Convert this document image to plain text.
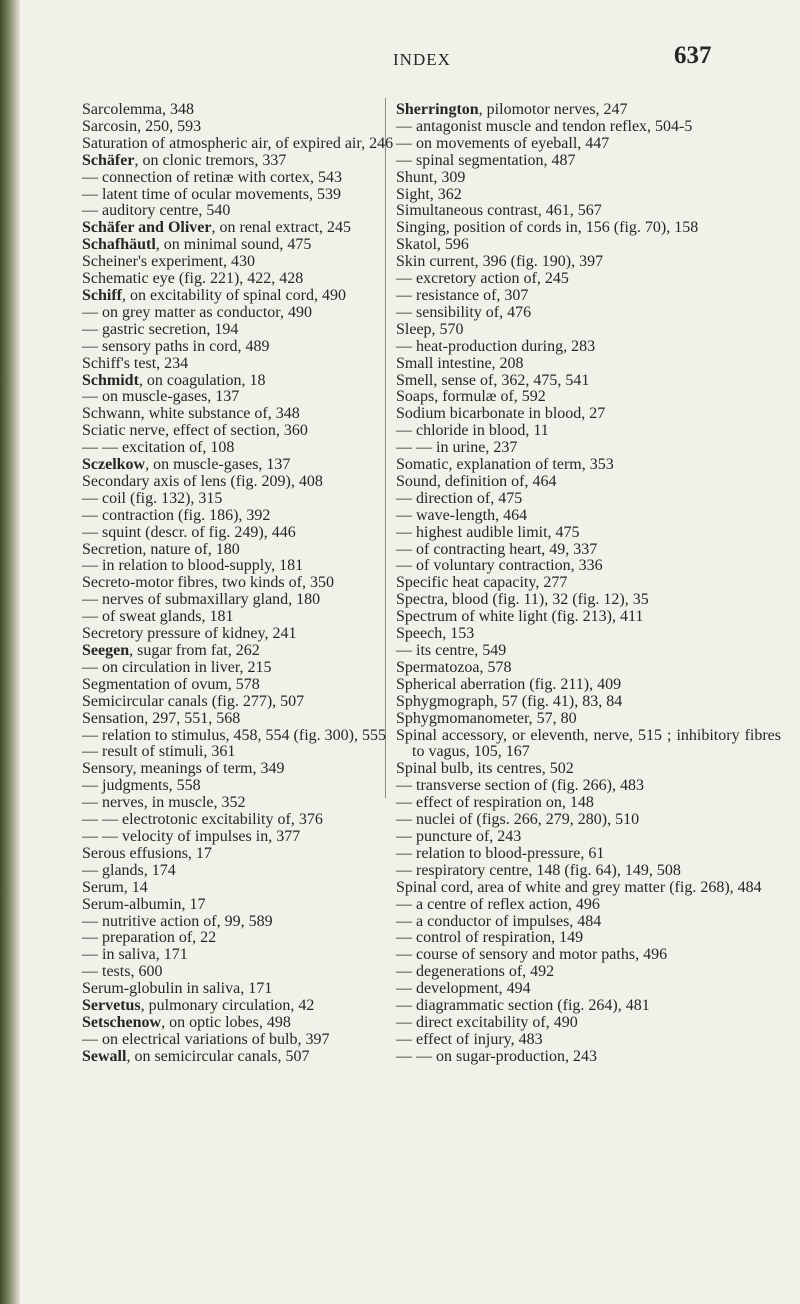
INDEX	637
Sarcolemma, 348
Sarcosin, 250, 593
Saturation of atmospheric air, of expired air, 246
Schäfer, on clonic tremors, 337
— connection of retinæ with cortex, 543
— latent time of ocular movements, 539
— auditory centre, 540
Schäfer and Oliver, on renal extract, 245
Schafhäutl, on minimal sound, 475
Scheiner's experiment, 430
Schematic eye (fig. 221), 422, 428
Schiff, on excitability of spinal cord, 490
— on grey matter as conductor, 490
— gastric secretion, 194
— sensory paths in cord, 489
Schiff's test, 234
Schmidt, on coagulation, 18
— on muscle-gases, 137
Schwann, white substance of, 348
Sciatic nerve, effect of section, 360
— — excitation of, 108
Sczelkow, on muscle-gases, 137
Secondary axis of lens (fig. 209), 408
— coil (fig. 132), 315
— contraction (fig. 186), 392
— squint (descr. of fig. 249), 446
Secretion, nature of, 180
— in relation to blood-supply, 181
Secreto-motor fibres, two kinds of, 350
— nerves of submaxillary gland, 180
— of sweat glands, 181
Secretory pressure of kidney, 241
Seegen, sugar from fat, 262
— on circulation in liver, 215
Segmentation of ovum, 578
Semicircular canals (fig. 277), 507
Sensation, 297, 551, 568
— relation to stimulus, 458, 554 (fig. 300), 555
— result of stimuli, 361
Sensory, meanings of term, 349
— judgments, 558
— nerves, in muscle, 352
— — electrotonic excitability of, 376
— — velocity of impulses in, 377
Serous effusions, 17
— glands, 174
Serum, 14
Serum-albumin, 17
— nutritive action of, 99, 589
— preparation of, 22
— in saliva, 171
— tests, 600
Serum-globulin in saliva, 171
Servetus, pulmonary circulation, 42
Setschenow, on optic lobes, 498
— on electrical variations of bulb, 397
Sewall, on semicircular canals, 507
Sherrington, pilomotor nerves, 247
— antagonist muscle and tendon reflex, 504-5
— on movements of eyeball, 447
— spinal segmentation, 487
Shunt, 309
Sight, 362
Simultaneous contrast, 461, 567
Singing, position of cords in, 156 (fig. 70), 158
Skatol, 596
Skin current, 396 (fig. 190), 397
— excretory action of, 245
— resistance of, 307
— sensibility of, 476
Sleep, 570
— heat-production during, 283
Small intestine, 208
Smell, sense of, 362, 475, 541
Soaps, formulæ of, 592
Sodium bicarbonate in blood, 27
— chloride in blood, 11
— — in urine, 237
Somatic, explanation of term, 353
Sound, definition of, 464
— direction of, 475
— wave-length, 464
— highest audible limit, 475
— of contracting heart, 49, 337
— of voluntary contraction, 336
Specific heat capacity, 277
Spectra, blood (fig. 11), 32 (fig. 12), 35
Spectrum of white light (fig. 213), 411
Speech, 153
— its centre, 549
Spermatozoa, 578
Spherical aberration (fig. 211), 409
Sphygmograph, 57 (fig. 41), 83, 84
Sphygmomanometer, 57, 80
Spinal accessory, or eleventh, nerve, 515 ; inhibitory fibres to vagus, 105, 167
Spinal bulb, its centres, 502
— transverse section of (fig. 266), 483
— effect of respiration on, 148
— nuclei of (figs. 266, 279, 280), 510
— puncture of, 243
— relation to blood-pressure, 61
— respiratory centre, 148 (fig. 64), 149, 508
Spinal cord, area of white and grey matter (fig. 268), 484
— a centre of reflex action, 496
— a conductor of impulses, 484
— control of respiration, 149
— course of sensory and motor paths, 496
— degenerations of, 492
— development, 494
— diagrammatic section (fig. 264), 481
— direct excitability of, 490
— effect of injury, 483
— — on sugar-production, 243
